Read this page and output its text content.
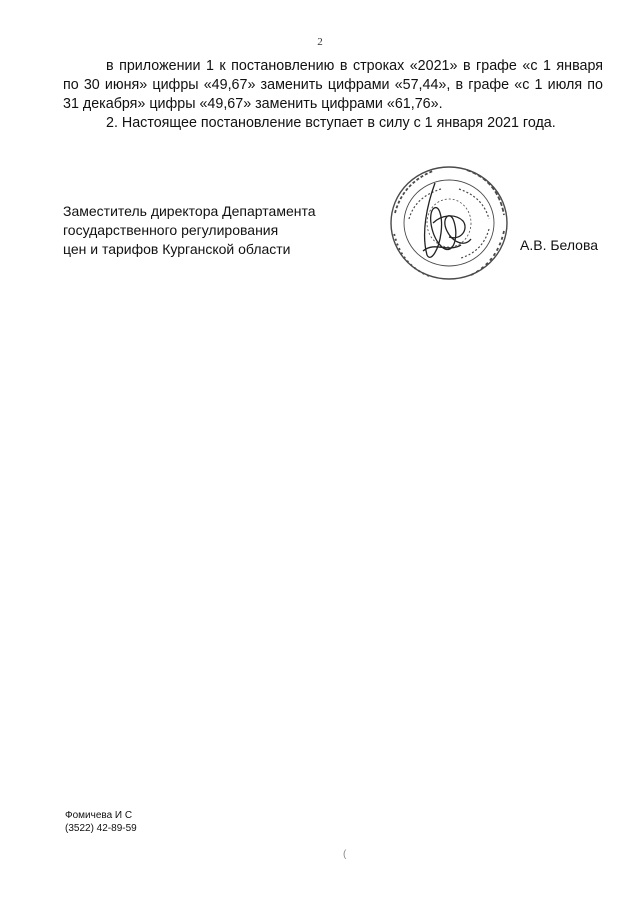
2

в приложении 1 к постановлению в строках «2021» в графе «с 1 января по 30 июня» цифры «49,67» заменить цифрами «57,44», в графе «с 1 июля по 31 декабря» цифры «49,67» заменить цифрами «61,76».

2. Настоящее постановление вступает в силу с 1 января 2021 года.

Заместитель директора Департамента
государственного регулирования
цен и тарифов Курганской области	А.В. Белова
Фомичева И С
(3522) 42-89-59
(
